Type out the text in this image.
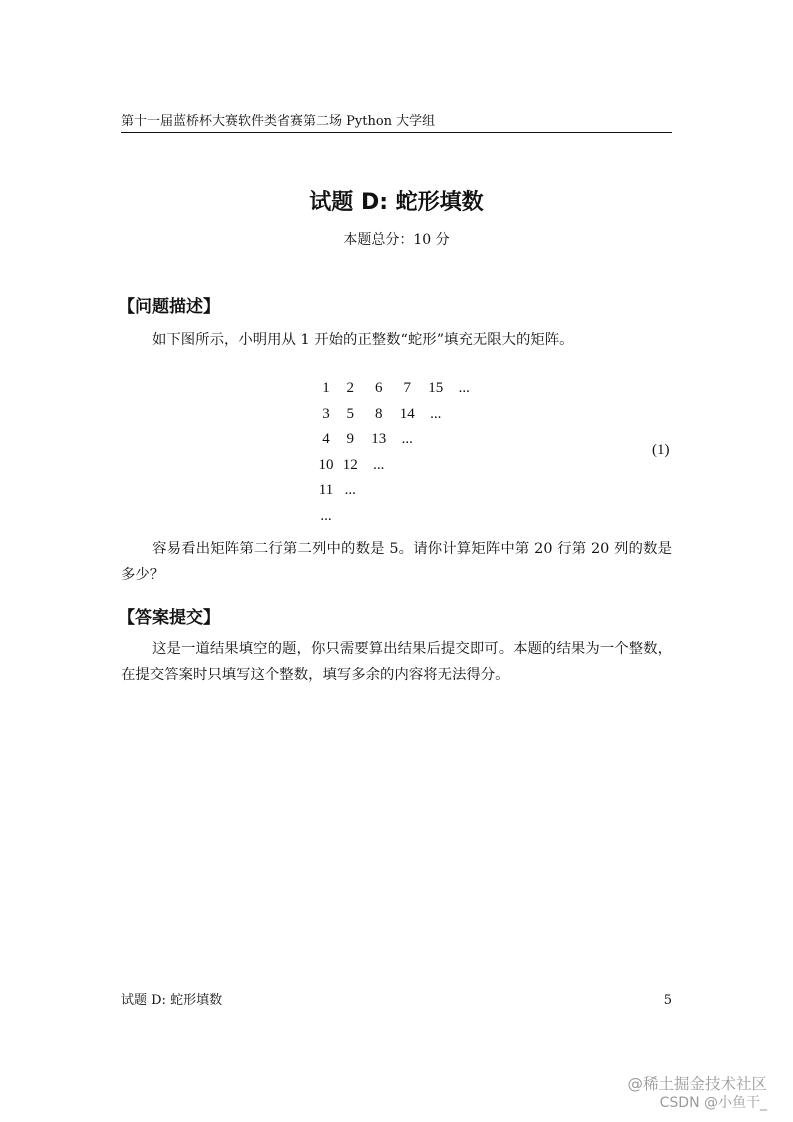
第十一届蓝桥杯大赛软件类省赛第二场 Python 大学组
试题 D: 蛇形填数
本题总分：10 分
【问题描述】
如下图所示，小明用从 1 开始的正整数“蛇形”填充无限大的矩阵。
1	2	6	7	15	...
3	5	8	14	...
4	9	13	...
10 12	...
11 ...
...
(1)
容易看出矩阵第二行第二列中的数是 5。请你计算矩阵中第 20 行第 20 列的数是多少？
【答案提交】
这是一道结果填空的题，你只需要算出结果后提交即可。本题的结果为一个整数，在提交答案时只填写这个整数，填写多余的内容将无法得分。
试题 D: 蛇形填数	5
@稀土掘金技术社区
CSDN @小鱼干_
